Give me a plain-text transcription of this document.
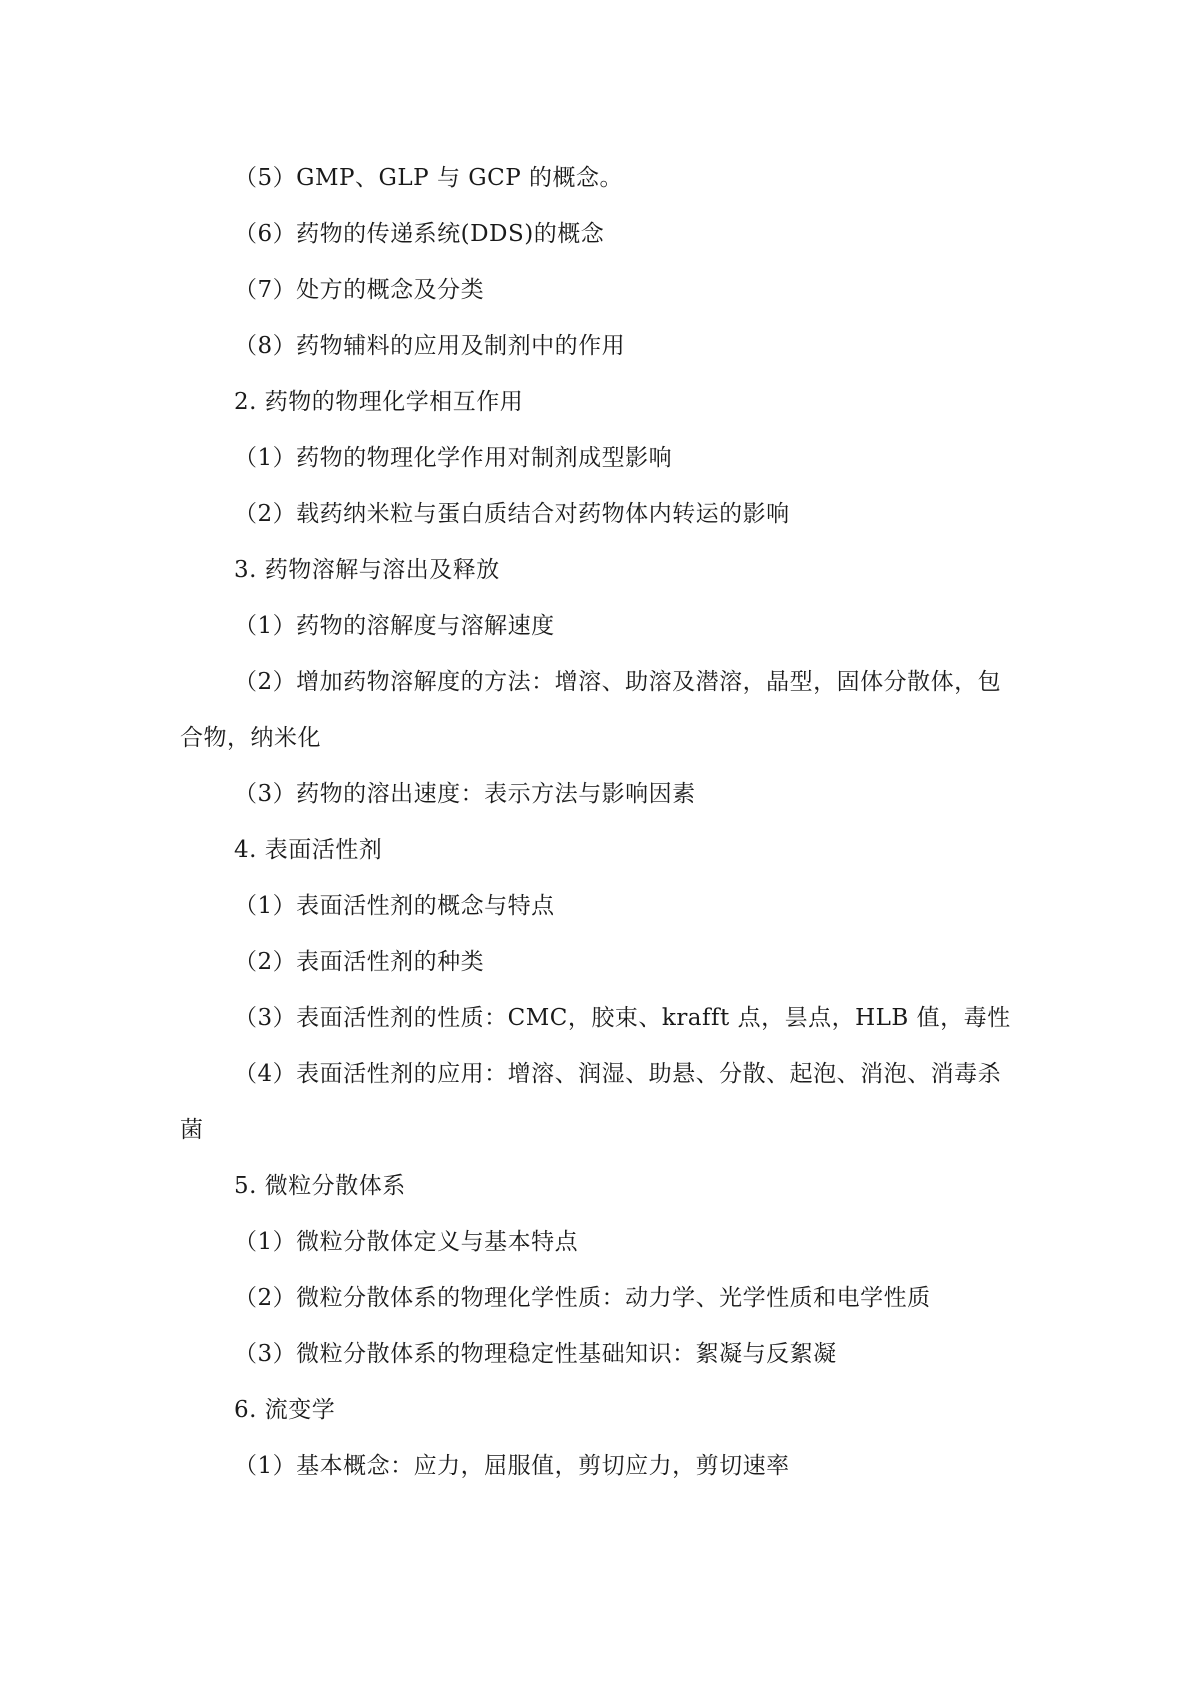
（5）GMP、GLP 与 GCP 的概念。
（6）药物的传递系统(DDS)的概念
（7）处方的概念及分类
（8）药物辅料的应用及制剂中的作用
2. 药物的物理化学相互作用
（1）药物的物理化学作用对制剂成型影响
（2）载药纳米粒与蛋白质结合对药物体内转运的影响
3. 药物溶解与溶出及释放
（1）药物的溶解度与溶解速度
（2）增加药物溶解度的方法：增溶、助溶及潜溶，晶型，固体分散体，包合物，纳米化
（3）药物的溶出速度：表示方法与影响因素
4. 表面活性剂
（1）表面活性剂的概念与特点
（2）表面活性剂的种类
（3）表面活性剂的性质：CMC，胶束、krafft 点，昙点，HLB 值，毒性
（4）表面活性剂的应用：增溶、润湿、助悬、分散、起泡、消泡、消毒杀菌
5. 微粒分散体系
（1）微粒分散体定义与基本特点
（2）微粒分散体系的物理化学性质：动力学、光学性质和电学性质
（3）微粒分散体系的物理稳定性基础知识：絮凝与反絮凝
6. 流变学
（1）基本概念：应力，屈服值，剪切应力，剪切速率
